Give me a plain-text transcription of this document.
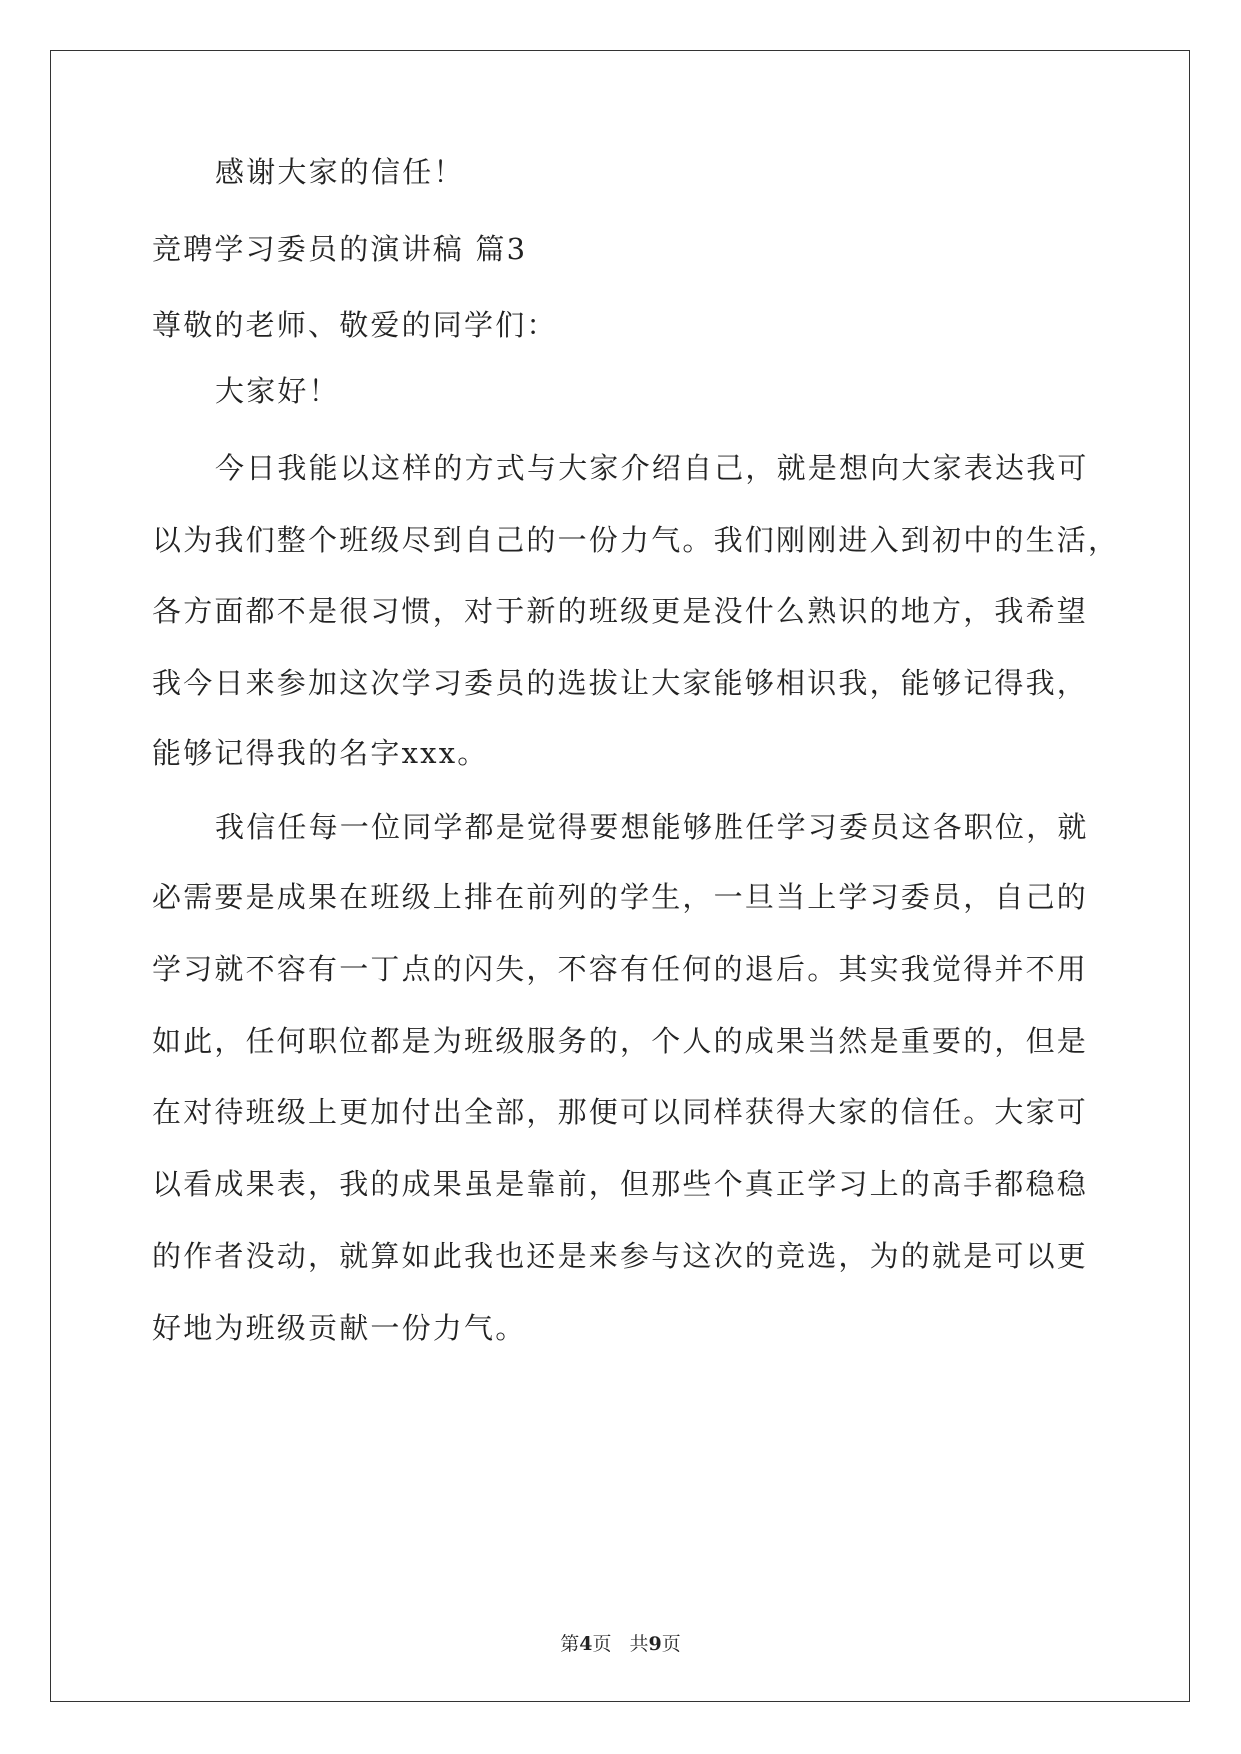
感谢大家的信任！
竞聘学习委员的演讲稿 篇3
尊敬的老师、敬爱的同学们：
大家好！
今日我能以这样的方式与大家介绍自己，就是想向大家表达我可
以为我们整个班级尽到自己的一份力气。我们刚刚进入到初中的生活，
各方面都不是很习惯，对于新的班级更是没什么熟识的地方，我希望
我今日来参加这次学习委员的选拔让大家能够相识我，能够记得我，
能够记得我的名字xxx。
我信任每一位同学都是觉得要想能够胜任学习委员这各职位，就
必需要是成果在班级上排在前列的学生，一旦当上学习委员，自己的
学习就不容有一丁点的闪失，不容有任何的退后。其实我觉得并不用
如此，任何职位都是为班级服务的，个人的成果当然是重要的，但是
在对待班级上更加付出全部，那便可以同样获得大家的信任。大家可
以看成果表，我的成果虽是靠前，但那些个真正学习上的高手都稳稳
的作者没动，就算如此我也还是来参与这次的竞选，为的就是可以更
好地为班级贡献一份力气。
第4页 共9页
